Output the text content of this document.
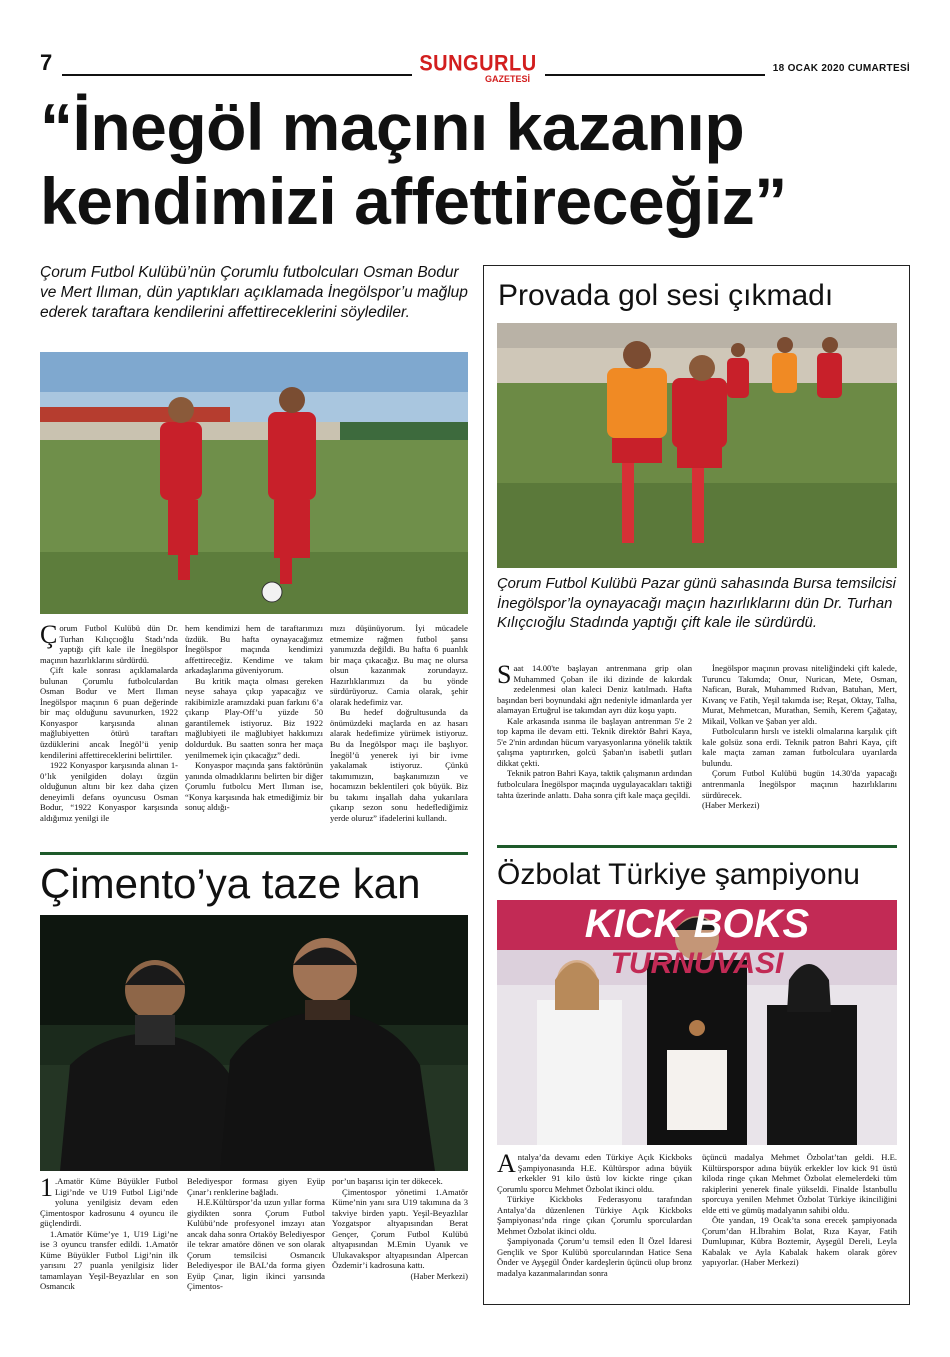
7	SUNGURLU
GAZETESİ
18 OCAK 2020 CUMARTESİ
“İnegöl maçını kazanıp kendimizi affettireceğiz”
Çorum Futbol Kulübü’nün Çorumlu futbolcuları Osman Bodur ve Mert Ilıman, dün yaptıkları açıklamada İnegölspor’u mağlup ederek taraftara kendilerini affettireceklerini söylediler.

Çorum Futbol Kulübü dün Dr. Turhan Kılıçcıoğlu Stadı’nda yaptığı çift kale ile İnegölspor maçının hazırlıklarını sürdürdü.

Çift kale sonrası açıklamalarda bulunan Çorumlu futbolculardan Osman Bodur ve Mert Ilıman İnegölspor maçının 6 puan değerinde bir maç olduğunu savunurken, 1922 Konyaspor karşısında alınan mağlubiyetten ötürü taraftarı üzdüklerini ancak İnegöl’ü yenip kendilerini affettireceklerini belirttiler.

1922 Konyaspor karşısında alınan 1-0’lık yenilgiden dolayı üzgün olduğunun altını bir kez daha çizen deneyimli defans oyuncusu Osman Bodur, “1922 Konyaspor karşısında aldığımız yenilgi ile

hem kendimizi hem de taraftarımızı üzdük. Bu hafta oynayacağımız İnegölspor maçında kendimizi affettireceğiz. Kendime ve takım arkadaşlarıma güveniyorum.

Bu kritik maçta olması gereken neyse sahaya çıkıp yapacağız ve rakibimizle aramızdaki puan farkını 6’a çıkarıp Play-Off’u yüzde 50 garantilemek istiyoruz. Biz 1922 mağlubiyeti ile mağlubiyet hakkımızı doldurduk. Bu saatten sonra her maça yenilmemek için çıkacağız” dedi.

Konyaspor maçında şans faktörünün yanında olmadıklarını belirten bir diğer Çorumlu futbolcu Mert Ilıman ise, “Konya karşısında hak etmediğimiz bir sonuç aldığı-

mızı düşünüyorum. İyi mücadele etmemize rağmen futbol şansı yanımızda değildi. Bu hafta 6 puanlık bir maça çıkacağız. Bu maç ne olursa olsun kazanmak zorundayız. Hazırlıklarımızı da bu yönde sürdürüyoruz. Camia olarak, şehir olarak hedefimiz var.

Bu hedef doğrultusunda da önümüzdeki maçlarda en az hasarı alarak hedefimize yürümek istiyoruz. Bu da İnegölspor maçı ile başlıyor. İnegöl’ü yenerek iyi bir ivme yakalamak istiyoruz. Çünkü takımımızın, başkanımızın ve hocamızın beklentileri çok büyük. Biz bu takımı inşallah daha yukarılara çıkarıp sezon sonu hedeflediğimiz yerde oluruz” ifadelerini kullandı.

Çimento’ya taze kan

1 .Amatör Küme Büyükler Futbol Ligi’nde ve U19 Futbol Ligi’nde yoluna yenilgisiz devam eden Çimentospor kadrosunu 4 oyuncu ile güçlendirdi.

1.Amatör Küme’ye 1, U19 Ligi’ne ise 3 oyuncu transfer edildi. 1.Amatör Küme Büyükler Futbol Ligi’nin ilk yarısını 27 puanla yenilgisiz lider tamamlayan Yeşil-Beyazlılar en son Osmancık

Belediyespor forması giyen Eyüp Çınar’ı renklerine bağladı.

H.E.Kültürspor’da uzun yıllar forma giydikten sonra Çorum Futbol Kulübü’nde profesyonel imzayı atan ancak daha sonra Ortaköy Belediyespor ile tekrar amatöre dönen ve son olarak Çorum temsilcisi Osmancık Belediyespor ile BAL’da forma giyen Eyüp Çınar, ligin ikinci yarısında Çimentos-

por’un başarısı için ter dökecek.

Çimentospor yönetimi 1.Amatör Küme’nin yanı sıra U19 takımına da 3 takviye birden yaptı. Yeşil-Beyazlılar Yozgatspor altyapısından Berat Gençer, Çorum Futbol Kulübü altyapısından M.Emin Uyanık ve Ulukavakspor altyapısından Alpercan Özdemir’i kadrosuna kattı.

(Haber Merkezi)

Provada gol sesi çıkmadı
Çorum Futbol Kulübü Pazar günü sahasında Bursa temsilcisi İnegölspor’la oynayacağı maçın hazırlıklarını dün Dr. Turhan Kılıçcıoğlu Stadında yaptığı çift kale ile sürdürdü.

Saat 14.00'te başlayan antrenmana grip olan Muhammed Çoban ile iki dizinde de kıkırdak zedelenmesi olan kaleci Deniz katılmadı. Hafta başından beri boynundaki ağrı nedeniyle idmanlarda yer alamayan Ertuğrul ise takımdan ayrı düz koşu yaptı.

Kale arkasında ısınma ile başlayan antrenman 5'e 2 top kapma ile devam etti. Teknik direktör Bahri Kaya, 5'e 2'nin ardından hücum varyasyonlarına yönelik taktik çalışma yaptırırken, golcü Şaban'ın isabetli şutları dikkat çekti.

Teknik patron Bahri Kaya, taktik çalışmanın ardından futbolculara İnegölspor maçında uygulayacakları taktiği tahta üzerinde anlattı. Daha sonra çift kale maça geçildi.

İnegölspor maçının provası niteliğindeki çift kalede, Turuncu Takımda; Onur, Nurican, Mete, Osman, Nafican, Burak, Muhammed Rıdvan, Batuhan, Mert, Kıvanç ve Fatih, Yeşil takımda ise; Reşat, Oktay, Talha, Murat, Mehmetcan, Murathan, Semih, Kerem Çağatay, Mikail, Volkan ve Şaban yer aldı.

Futbolcuların hırslı ve istekli olmalarına karşılık çift kale golsüz sona erdi. Teknik patron Bahri Kaya, çift kale maçta zaman zaman futbolculara uyarılarda bulundu.

Çorum Futbol Kulübü bugün 14.30'da yapacağı antrenmanla İnegölspor maçının hazırlıklarını sürdürecek.

(Haber Merkezi)

Özbolat Türkiye şampiyonu
KICK BOKS
TURNUVASI

Antalya’da devamı eden Türkiye Açık Kickboks Şampiyonasında H.E. Kültürspor adına büyük erkekler 91 kilo üstü lov kickte ringe çıkan Çorumlu sporcu Mehmet Özbolat ikinci oldu.

Türkiye Kickboks Federasyonu tarafından Antalya’da düzenlenen Türkiye Açık Kickboks Şampiyonası’nda ringe çıkan Çorumlu sporculardan Mehmet Özbolat ikinci oldu.

Şampiyonada Çorum’u temsil eden İl Özel İdaresi Gençlik ve Spor Kulübü sporcularından Hatice Sena Önder ve Ayşegül Önder kardeşlerin üçüncü olup bronz madalya kazanmalarından sonra

üçüncü madalya Mehmet Özbolat’tan geldi. H.E. Kültürsporspor adına büyük erkekler lov kick 91 üstü kiloda ringe çıkan Mehmet Özbolat elemelerdeki tüm rakiplerini yenerek finale yükseldi. Finalde İstanbullu sporcuya yenilen Mehmet Özbolat Türkiye ikinciliğini elde etti ve gümüş madalyanın sahibi oldu.

Öte yandan, 19 Ocak’ta sona erecek şampiyonada Çorum’dan H.İbrahim Bolat, Rıza Kayar, Fatih Dumlupınar, Kübra Boztemir, Ayşegül Dereli, Leyla Kabalak ve Ayla Kabalak hakem olarak görev yapıyorlar. (Haber Merkezi)
